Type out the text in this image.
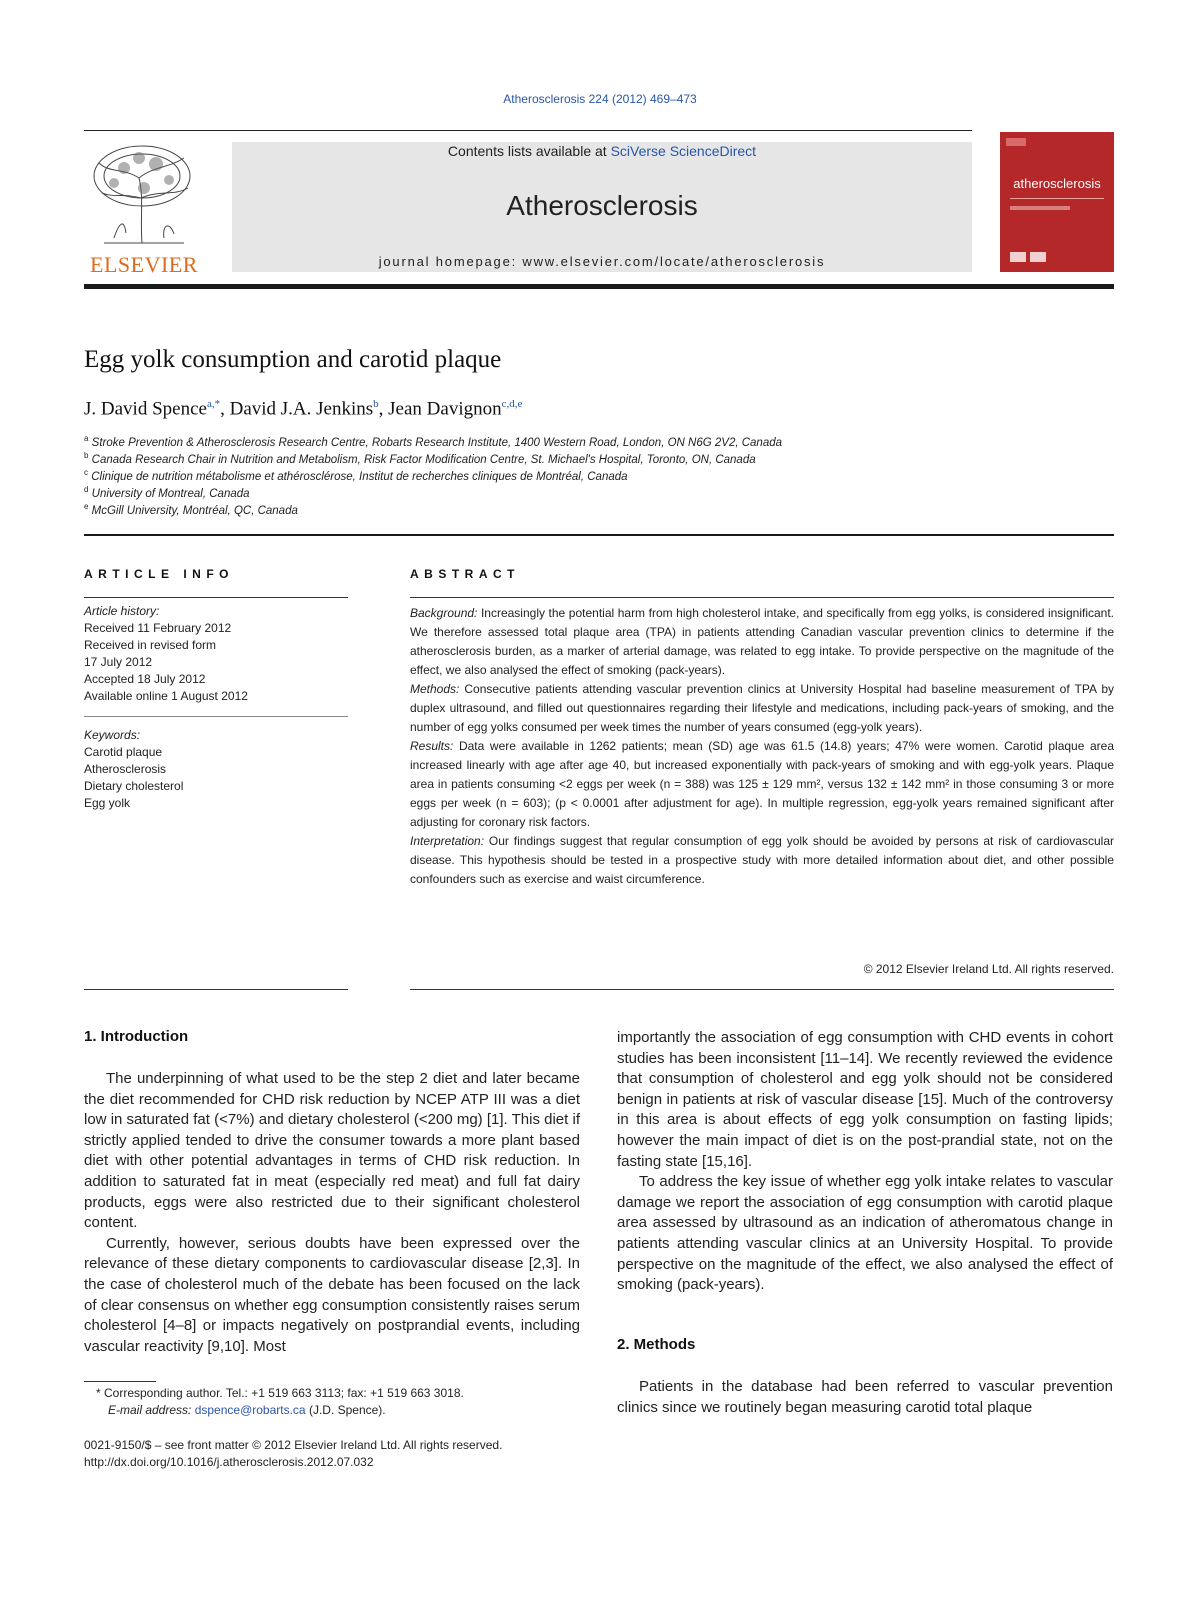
Atherosclerosis 224 (2012) 469–473
ELSEVIER
Contents lists available at SciVerse ScienceDirect
Atherosclerosis
journal homepage: www.elsevier.com/locate/atherosclerosis
atherosclerosis
Egg yolk consumption and carotid plaque
J. David Spence$^{a,*}$, David J.A. Jenkins$^b$, Jean Davignon$^{c,d,e}$
$^a$ Stroke Prevention & Atherosclerosis Research Centre, Robarts Research Institute, 1400 Western Road, London, ON N6G 2V2, Canada
$^b$ Canada Research Chair in Nutrition and Metabolism, Risk Factor Modification Centre, St. Michael's Hospital, Toronto, ON, Canada
$^c$ Clinique de nutrition métabolisme et athérosclérose, Institut de recherches cliniques de Montréal, Canada
$^d$ University of Montreal, Canada
$^e$ McGill University, Montréal, QC, Canada
ARTICLE INFO
Article history:
Received 11 February 2012
Received in revised form
17 July 2012
Accepted 18 July 2012
Available online 1 August 2012
Keywords:
Carotid plaque
Atherosclerosis
Dietary cholesterol
Egg yolk
ABSTRACT

Background: Increasingly the potential harm from high cholesterol intake, and specifically from egg yolks, is considered insignificant. We therefore assessed total plaque area (TPA) in patients attending Canadian vascular prevention clinics to determine if the atherosclerosis burden, as a marker of arterial damage, was related to egg intake. To provide perspective on the magnitude of the effect, we also analysed the effect of smoking (pack-years).

Methods: Consecutive patients attending vascular prevention clinics at University Hospital had baseline measurement of TPA by duplex ultrasound, and filled out questionnaires regarding their lifestyle and medications, including pack-years of smoking, and the number of egg yolks consumed per week times the number of years consumed (egg-yolk years).

Results: Data were available in 1262 patients; mean (SD) age was 61.5 (14.8) years; 47% were women. Carotid plaque area increased linearly with age after age 40, but increased exponentially with pack-years of smoking and with egg-yolk years. Plaque area in patients consuming <2 eggs per week (n = 388) was 125 ± 129 mm², versus 132 ± 142 mm² in those consuming 3 or more eggs per week (n = 603); (p < 0.0001 after adjustment for age). In multiple regression, egg-yolk years remained significant after adjusting for coronary risk factors.

Interpretation: Our findings suggest that regular consumption of egg yolk should be avoided by persons at risk of cardiovascular disease. This hypothesis should be tested in a prospective study with more detailed information about diet, and other possible confounders such as exercise and waist circumference.

© 2012 Elsevier Ireland Ltd. All rights reserved.
1. Introduction

The underpinning of what used to be the step 2 diet and later became the diet recommended for CHD risk reduction by NCEP ATP III was a diet low in saturated fat (<7%) and dietary cholesterol (<200 mg) [1]. This diet if strictly applied tended to drive the consumer towards a more plant based diet with other potential advantages in terms of CHD risk reduction. In addition to saturated fat in meat (especially red meat) and full fat dairy products, eggs were also restricted due to their significant cholesterol content.

Currently, however, serious doubts have been expressed over the relevance of these dietary components to cardiovascular disease [2,3]. In the case of cholesterol much of the debate has been focused on the lack of clear consensus on whether egg consumption consistently raises serum cholesterol [4–8] or impacts negatively on postprandial events, including vascular reactivity [9,10]. Most

* Corresponding author. Tel.: +1 519 663 3113; fax: +1 519 663 3018.
E-mail address: dspence@robarts.ca (J.D. Spence).
0021-9150/$ – see front matter © 2012 Elsevier Ireland Ltd. All rights reserved.
http://dx.doi.org/10.1016/j.atherosclerosis.2012.07.032

importantly the association of egg consumption with CHD events in cohort studies has been inconsistent [11–14]. We recently reviewed the evidence that consumption of cholesterol and egg yolk should not be considered benign in patients at risk of vascular disease [15]. Much of the controversy in this area is about effects of egg yolk consumption on fasting lipids; however the main impact of diet is on the post-prandial state, not on the fasting state [15,16].

To address the key issue of whether egg yolk intake relates to vascular damage we report the association of egg consumption with carotid plaque area assessed by ultrasound as an indication of atheromatous change in patients attending vascular clinics at an University Hospital. To provide perspective on the magnitude of the effect, we also analysed the effect of smoking (pack-years).

2. Methods

Patients in the database had been referred to vascular prevention clinics since we routinely began measuring carotid total plaque
